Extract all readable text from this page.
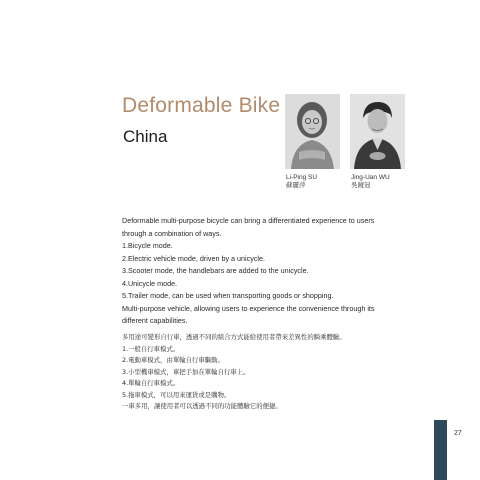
Deformable Bike
China
Li-Ping SU
蘇麗萍
Jing-Uan WU
吳鏡冠
Deformable multi-purpose bicycle can bring a differentiated experience to users
through a combination of ways.
1.Bicycle mode.
2.Electric vehicle mode, driven by a unicycle.
3.Scooter mode, the handlebars are added to the unicycle.
4.Unicycle mode.
5.Trailer mode, can be used when transporting goods or shopping.
Multi-purpose vehicle, allowing users to experience the convenience through its
different capabilities.
多用途可變形自行車，透過不同的組合方式能給使用者帶來差異性的騎乘體驗。
1.一般自行車模式。
2.電動車模式，由單輪自行車驅動。
3.小型機車模式，車把手加在單輪自行車上。
4.單輪自行車模式。
5.拖車模式，可以用來運貨或是購物。
一車多用，讓使用者可以透過不同的功能體驗它的便捷。
27
